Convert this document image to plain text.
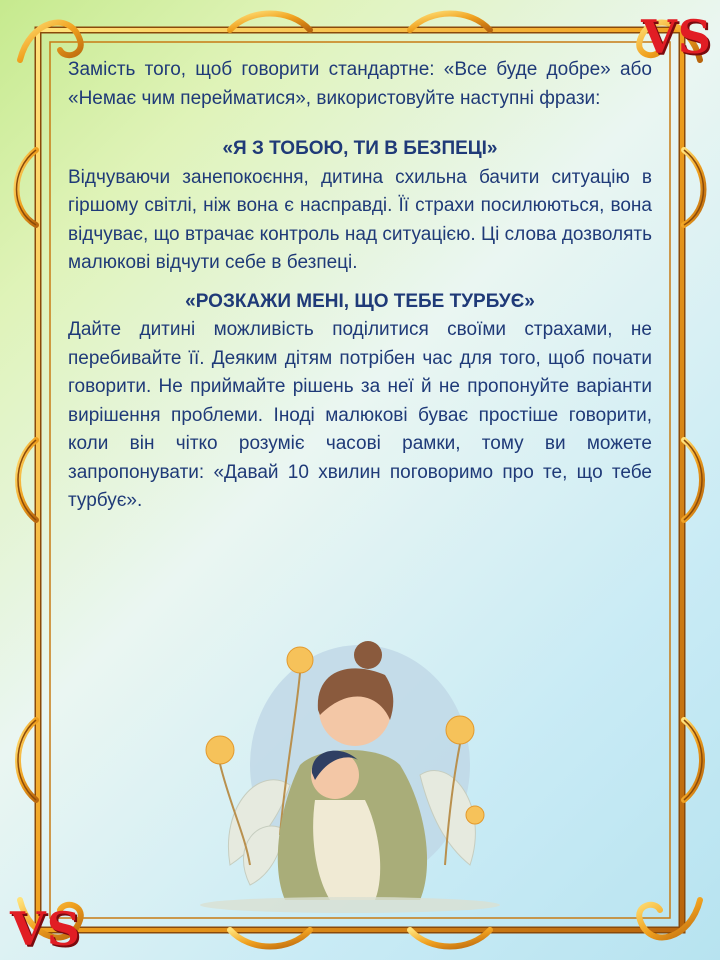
VS
VS

Замість того, щоб говорити стандартне: «Все буде добре» або «Немає чим перейматися», використовуйте наступні фрази:

«Я З ТОБОЮ, ТИ В БЕЗПЕЦІ»

Відчуваючи занепокоєння, дитина схильна бачити ситуацію в гіршому світлі, ніж вона є насправді. Її страхи посилюються, вона відчуває, що втрачає контроль над ситуацією. Ці слова дозволять малюкові відчути себе в безпеці.

«РОЗКАЖИ МЕНІ, ЩО ТЕБЕ ТУРБУЄ»

Дайте дитині можливість поділитися своїми страхами, не перебивайте її. Деяким дітям потрібен час для того, щоб почати говорити. Не приймайте рішень за неї й не пропонуйте варіанти вирішення проблеми. Іноді малюкові буває простіше говорити, коли він чітко розуміє часові рамки, тому ви можете запропонувати: «Давай 10 хвилин поговоримо про те, що тебе турбує».
